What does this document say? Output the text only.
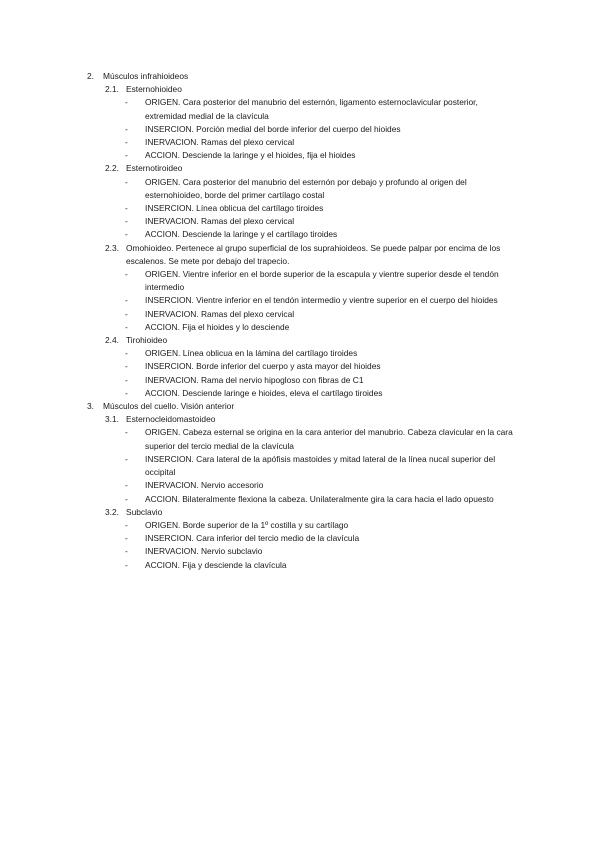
2. Músculos infrahioideos
2.1. Esternohioideo
- ORIGEN. Cara posterior del manubrio del esternón, ligamento esternoclavicular posterior, extremidad medial de la clavícula
- INSERCION. Porción medial del borde inferior del cuerpo del hioides
- INERVACION. Ramas del plexo cervical
- ACCION. Desciende la laringe y el hioides, fija el hioides
2.2. Esternotiroideo
- ORIGEN. Cara posterior del manubrio del esternón por debajo y profundo al origen del esternohioideo, borde del primer cartílago costal
- INSERCION. Línea oblicua del cartílago tiroides
- INERVACION. Ramas del plexo cervical
- ACCION. Desciende la laringe y el cartílago tiroides
2.3. Omohioideo. Pertenece al grupo superficial de los suprahioideos. Se puede palpar por encima de los escalenos. Se mete por debajo del trapecio.
- ORIGEN. Vientre inferior en el borde superior de la escapula y vientre superior desde el tendón intermedio
- INSERCION. Vientre inferior en el tendón intermedio y vientre superior en el cuerpo del hioides
- INERVACION. Ramas del plexo cervical
- ACCION. Fija el hioides y lo desciende
2.4. Tirohioideo
- ORIGEN. Línea oblicua en la lámina del cartílago tiroides
- INSERCION. Borde inferior del cuerpo y asta mayor del hioides
- INERVACION. Rama del nervio hipogloso con fibras de C1
- ACCION. Desciende laringe e hioides, eleva el cartílago tiroides
3. Músculos del cuello. Visión anterior
3.1. Esternocleidomastoideo
- ORIGEN. Cabeza esternal se origina en la cara anterior del manubrio. Cabeza clavicular en la cara superior del tercio medial de la clavícula
- INSERCION. Cara lateral de la apófisis mastoides y mitad lateral de la línea nucal superior del occipital
- INERVACION. Nervio accesorio
- ACCION. Bilateralmente flexiona la cabeza. Unilateralmente gira la cara hacia el lado opuesto
3.2. Subclavio
- ORIGEN. Borde superior de la 1º costilla y su cartílago
- INSERCION. Cara inferior del tercio medio de la clavícula
- INERVACION. Nervio subclavio
- ACCION. Fija y desciende la clavícula
